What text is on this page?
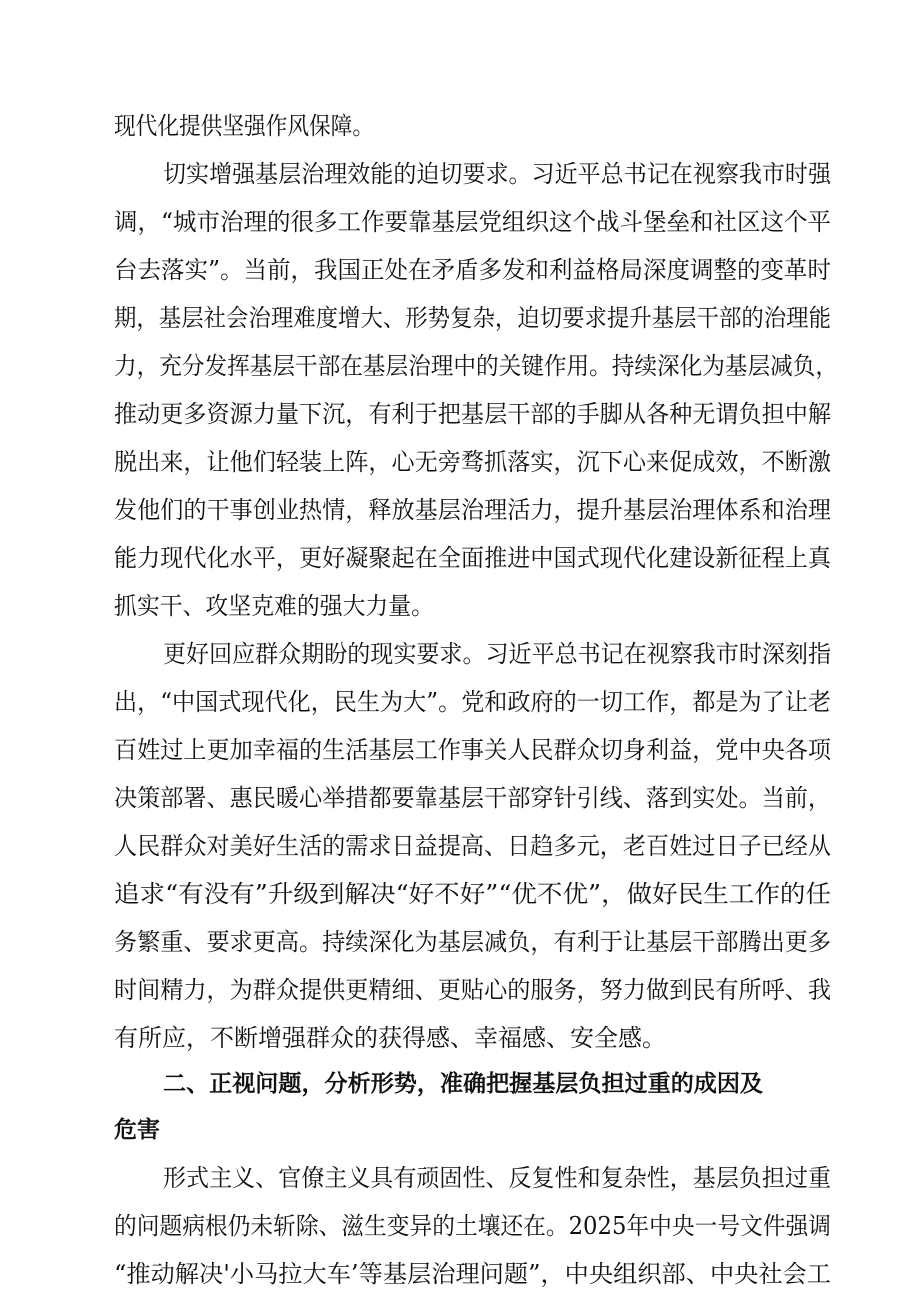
现代化提供坚强作风保障。
切实增强基层治理效能的迫切要求。习近平总书记在视察我市时强
调，“城市治理的很多工作要靠基层党组织这个战斗堡垒和社区这个平
台去落实”。当前，我国正处在矛盾多发和利益格局深度调整的变革时
期，基层社会治理难度增大、形势复杂，迫切要求提升基层干部的治理能
力，充分发挥基层干部在基层治理中的关键作用。持续深化为基层减负，
推动更多资源力量下沉，有利于把基层干部的手脚从各种无谓负担中解
脱出来，让他们轻装上阵，心无旁骛抓落实，沉下心来促成效，不断激
发他们的干事创业热情，释放基层治理活力，提升基层治理体系和治理
能力现代化水平，更好凝聚起在全面推进中国式现代化建设新征程上真
抓实干、攻坚克难的强大力量。
更好回应群众期盼的现实要求。习近平总书记在视察我市时深刻指
出，“中国式现代化，民生为大”。党和政府的一切工作，都是为了让老
百姓过上更加幸福的生活基层工作事关人民群众切身利益，党中央各项
决策部署、惠民暖心举措都要靠基层干部穿针引线、落到实处。当前，
人民群众对美好生活的需求日益提高、日趋多元，老百姓过日子已经从
追求“有没有”升级到解决“好不好”“优不优”，做好民生工作的任
务繁重、要求更高。持续深化为基层减负，有利于让基层干部腾出更多
时间精力，为群众提供更精细、更贴心的服务，努力做到民有所呼、我
有所应，不断增强群众的获得感、幸福感、安全感。
二、正视问题，分析形势，准确把握基层负担过重的成因及
危害
形式主义、官僚主义具有顽固性、反复性和复杂性，基层负担过重
的问题病根仍未斩除、滋生变异的土壤还在。2025年中央一号文件强调
“推动解决'小马拉大车’等基层治理问题”，中央组织部、中央社会工
